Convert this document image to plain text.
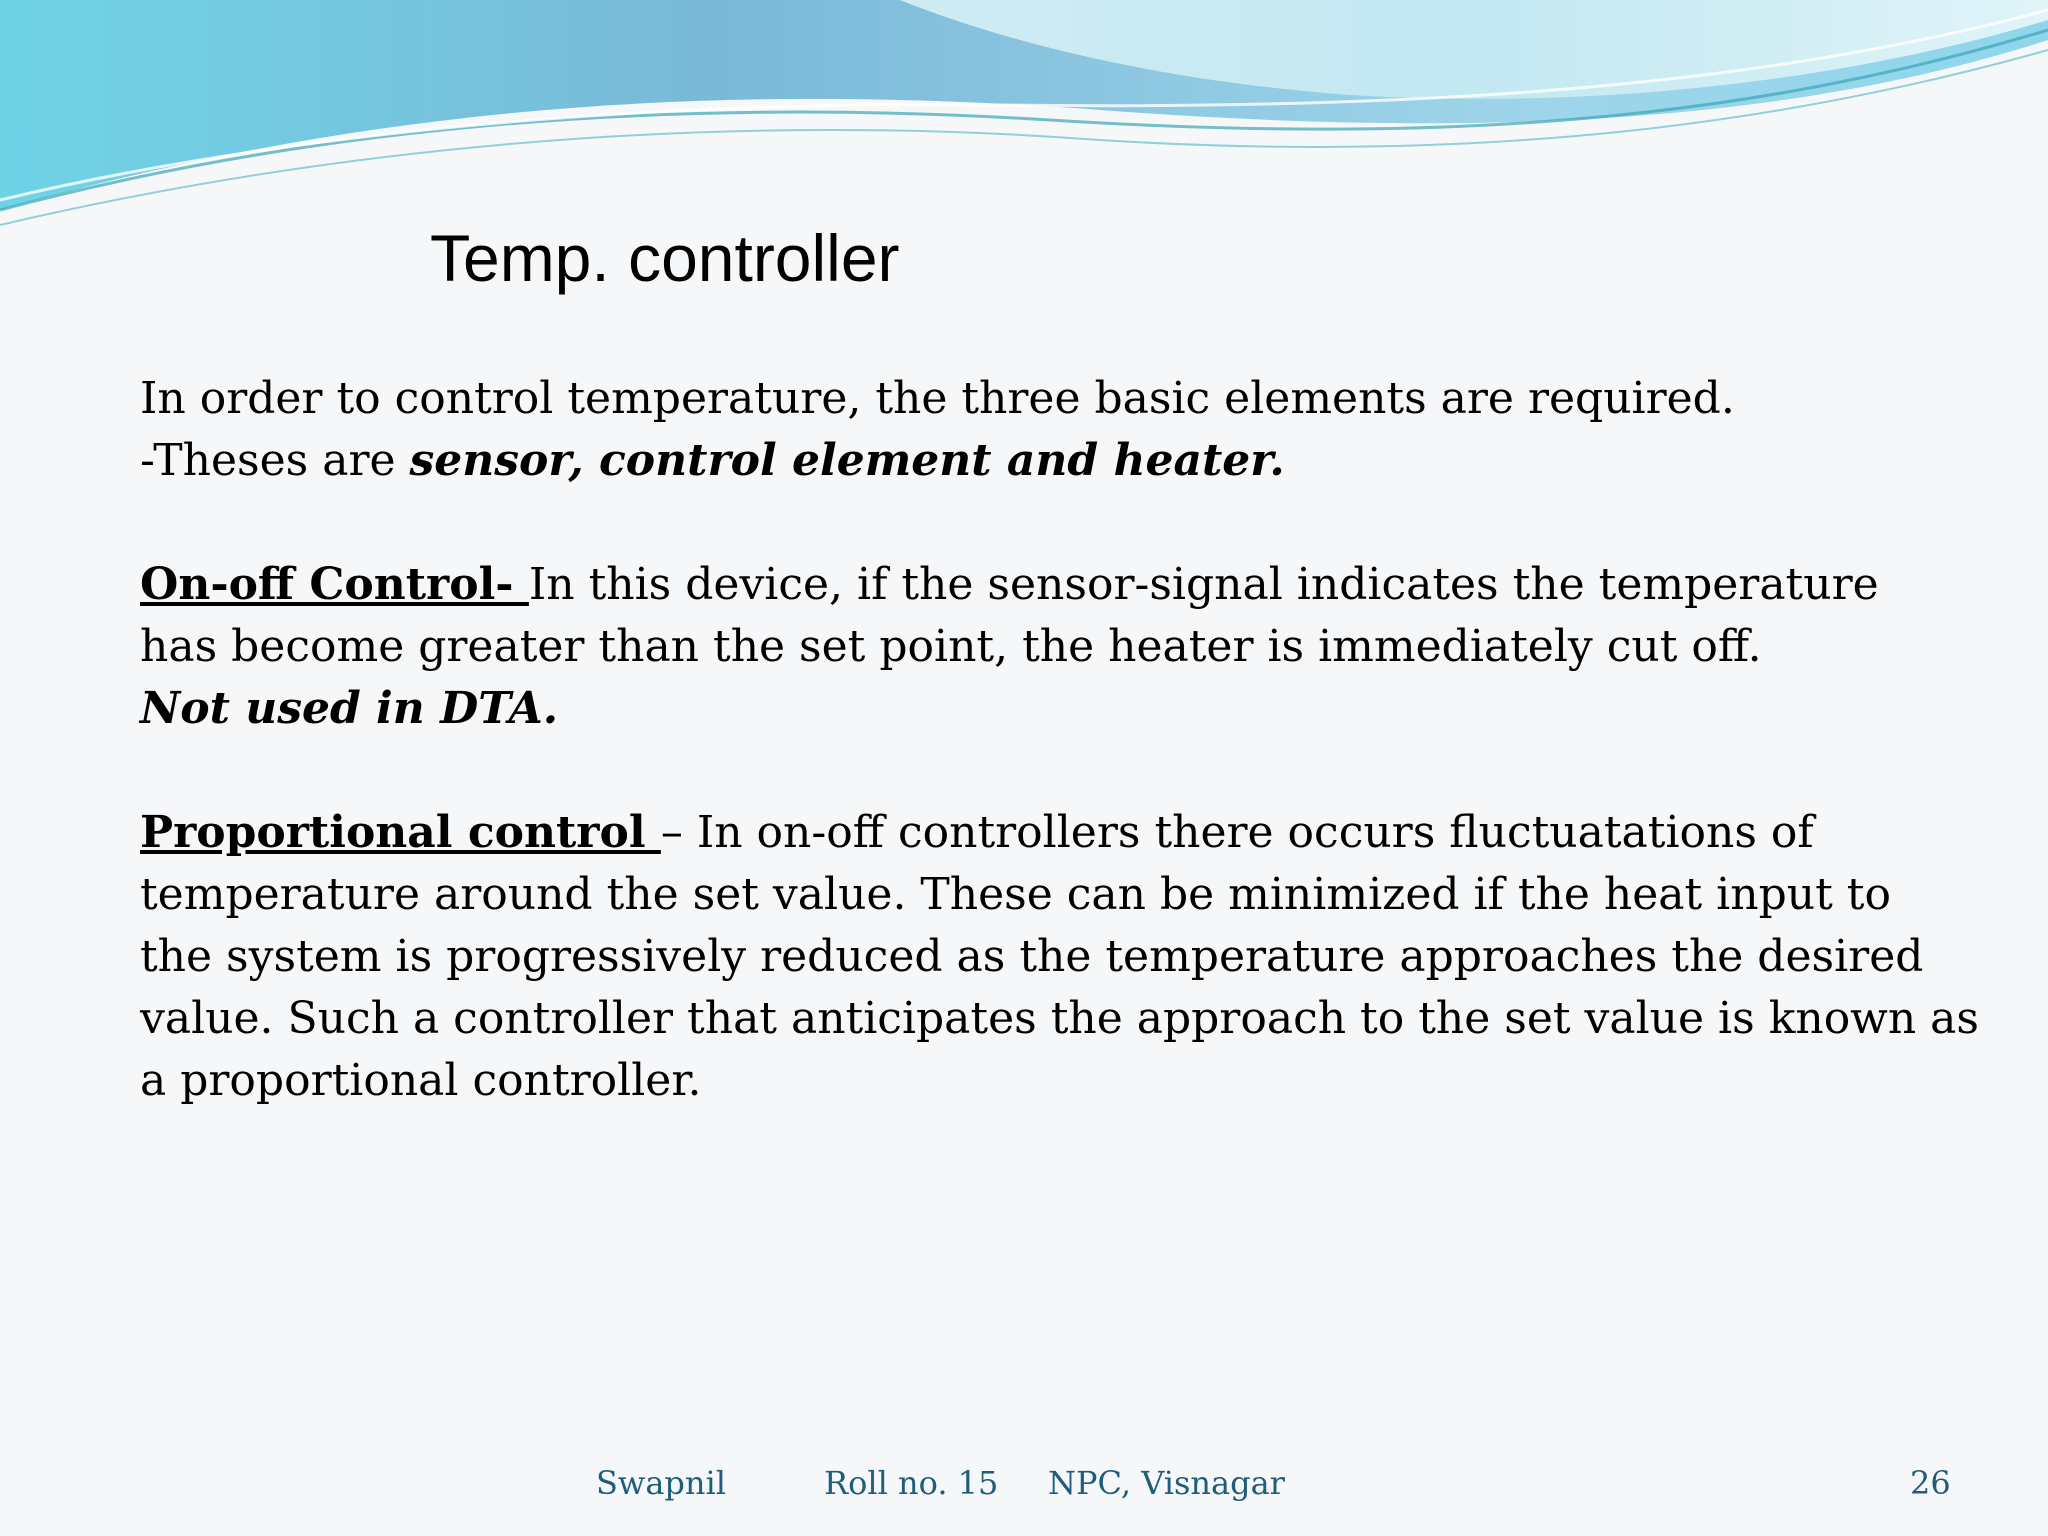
Temp. controller

In order to control temperature, the three basic elements are required.

-Theses are sensor, control element and heater.

On-off Control- In this device, if the sensor-signal indicates the temperature

has become greater than the set point, the heater is immediately cut off.

Not used in DTA.

Proportional control – In on-off controllers there occurs fluctuatations of

temperature around the set value. These can be minimized if the heat input to

the system is progressively reduced as the temperature approaches the desired

value. Such a controller that anticipates the approach to the set value is known as

a proportional controller.

Swapnil	Roll no. 15 NPC, Visnagar	26
